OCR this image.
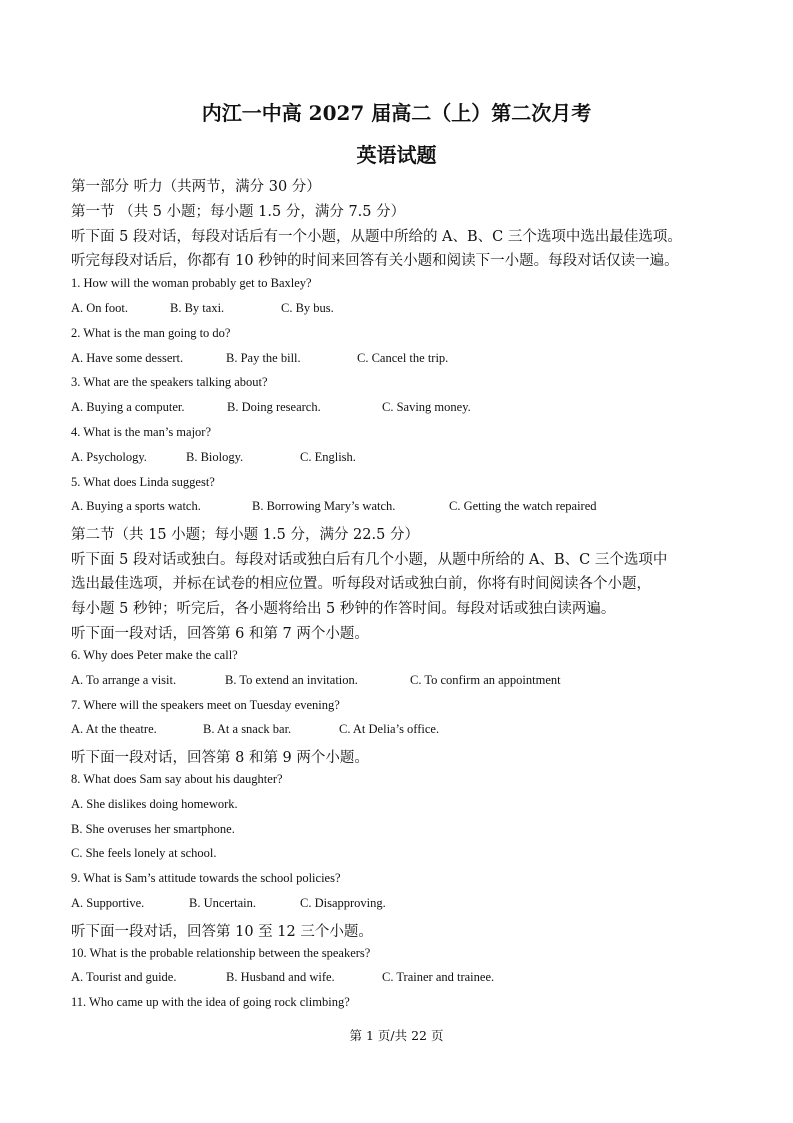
内江一中高 2027 届高二（上）第二次月考
英语试题
第一部分 听力（共两节，满分 30 分）
第一节 （共 5 小题；每小题 1.5 分，满分 7.5 分）
听下面 5 段对话，每段对话后有一个小题，从题中所给的 A、B、C 三个选项中选出最佳选项。
听完每段对话后，你都有 10 秒钟的时间来回答有关小题和阅读下一小题。每段对话仅读一遍。
1. How will the woman probably get to Baxley?
A. On foot.	B. By taxi.	C. By bus.
2. What is the man going to do?
A. Have some dessert.	B. Pay the bill.	C. Cancel the trip.
3. What are the speakers talking about?
A. Buying a computer.	B. Doing research.	C. Saving money.
4. What is the man’s major?
A. Psychology.	B. Biology.	C. English.
5. What does Linda suggest?
A. Buying a sports watch.	B. Borrowing Mary’s watch.	C. Getting the watch repaired
第二节（共 15 小题；每小题 1.5 分，满分 22.5 分）
听下面 5 段对话或独白。每段对话或独白后有几个小题，从题中所给的 A、B、C 三个选项中
选出最佳选项，并标在试卷的相应位置。听每段对话或独白前，你将有时间阅读各个小题，
每小题 5 秒钟；听完后，各小题将给出 5 秒钟的作答时间。每段对话或独白读两遍。
听下面一段对话，回答第 6 和第 7 两个小题。
6. Why does Peter make the call?
A. To arrange a visit.	B. To extend an invitation.	C. To confirm an appointment
7. Where will the speakers meet on Tuesday evening?
A. At the theatre.	B. At a snack bar.	C. At Delia’s office.
听下面一段对话，回答第 8 和第 9 两个小题。
8. What does Sam say about his daughter?
A. She dislikes doing homework.
B. She overuses her smartphone.
C. She feels lonely at school.
9. What is Sam’s attitude towards the school policies?
A. Supportive.	B. Uncertain.	C. Disapproving.
听下面一段对话，回答第 10 至 12 三个小题。
10. What is the probable relationship between the speakers?
A. Tourist and guide.	B. Husband and wife.	C. Trainer and trainee.
11. Who came up with the idea of going rock climbing?
第 1 页/共 22 页
